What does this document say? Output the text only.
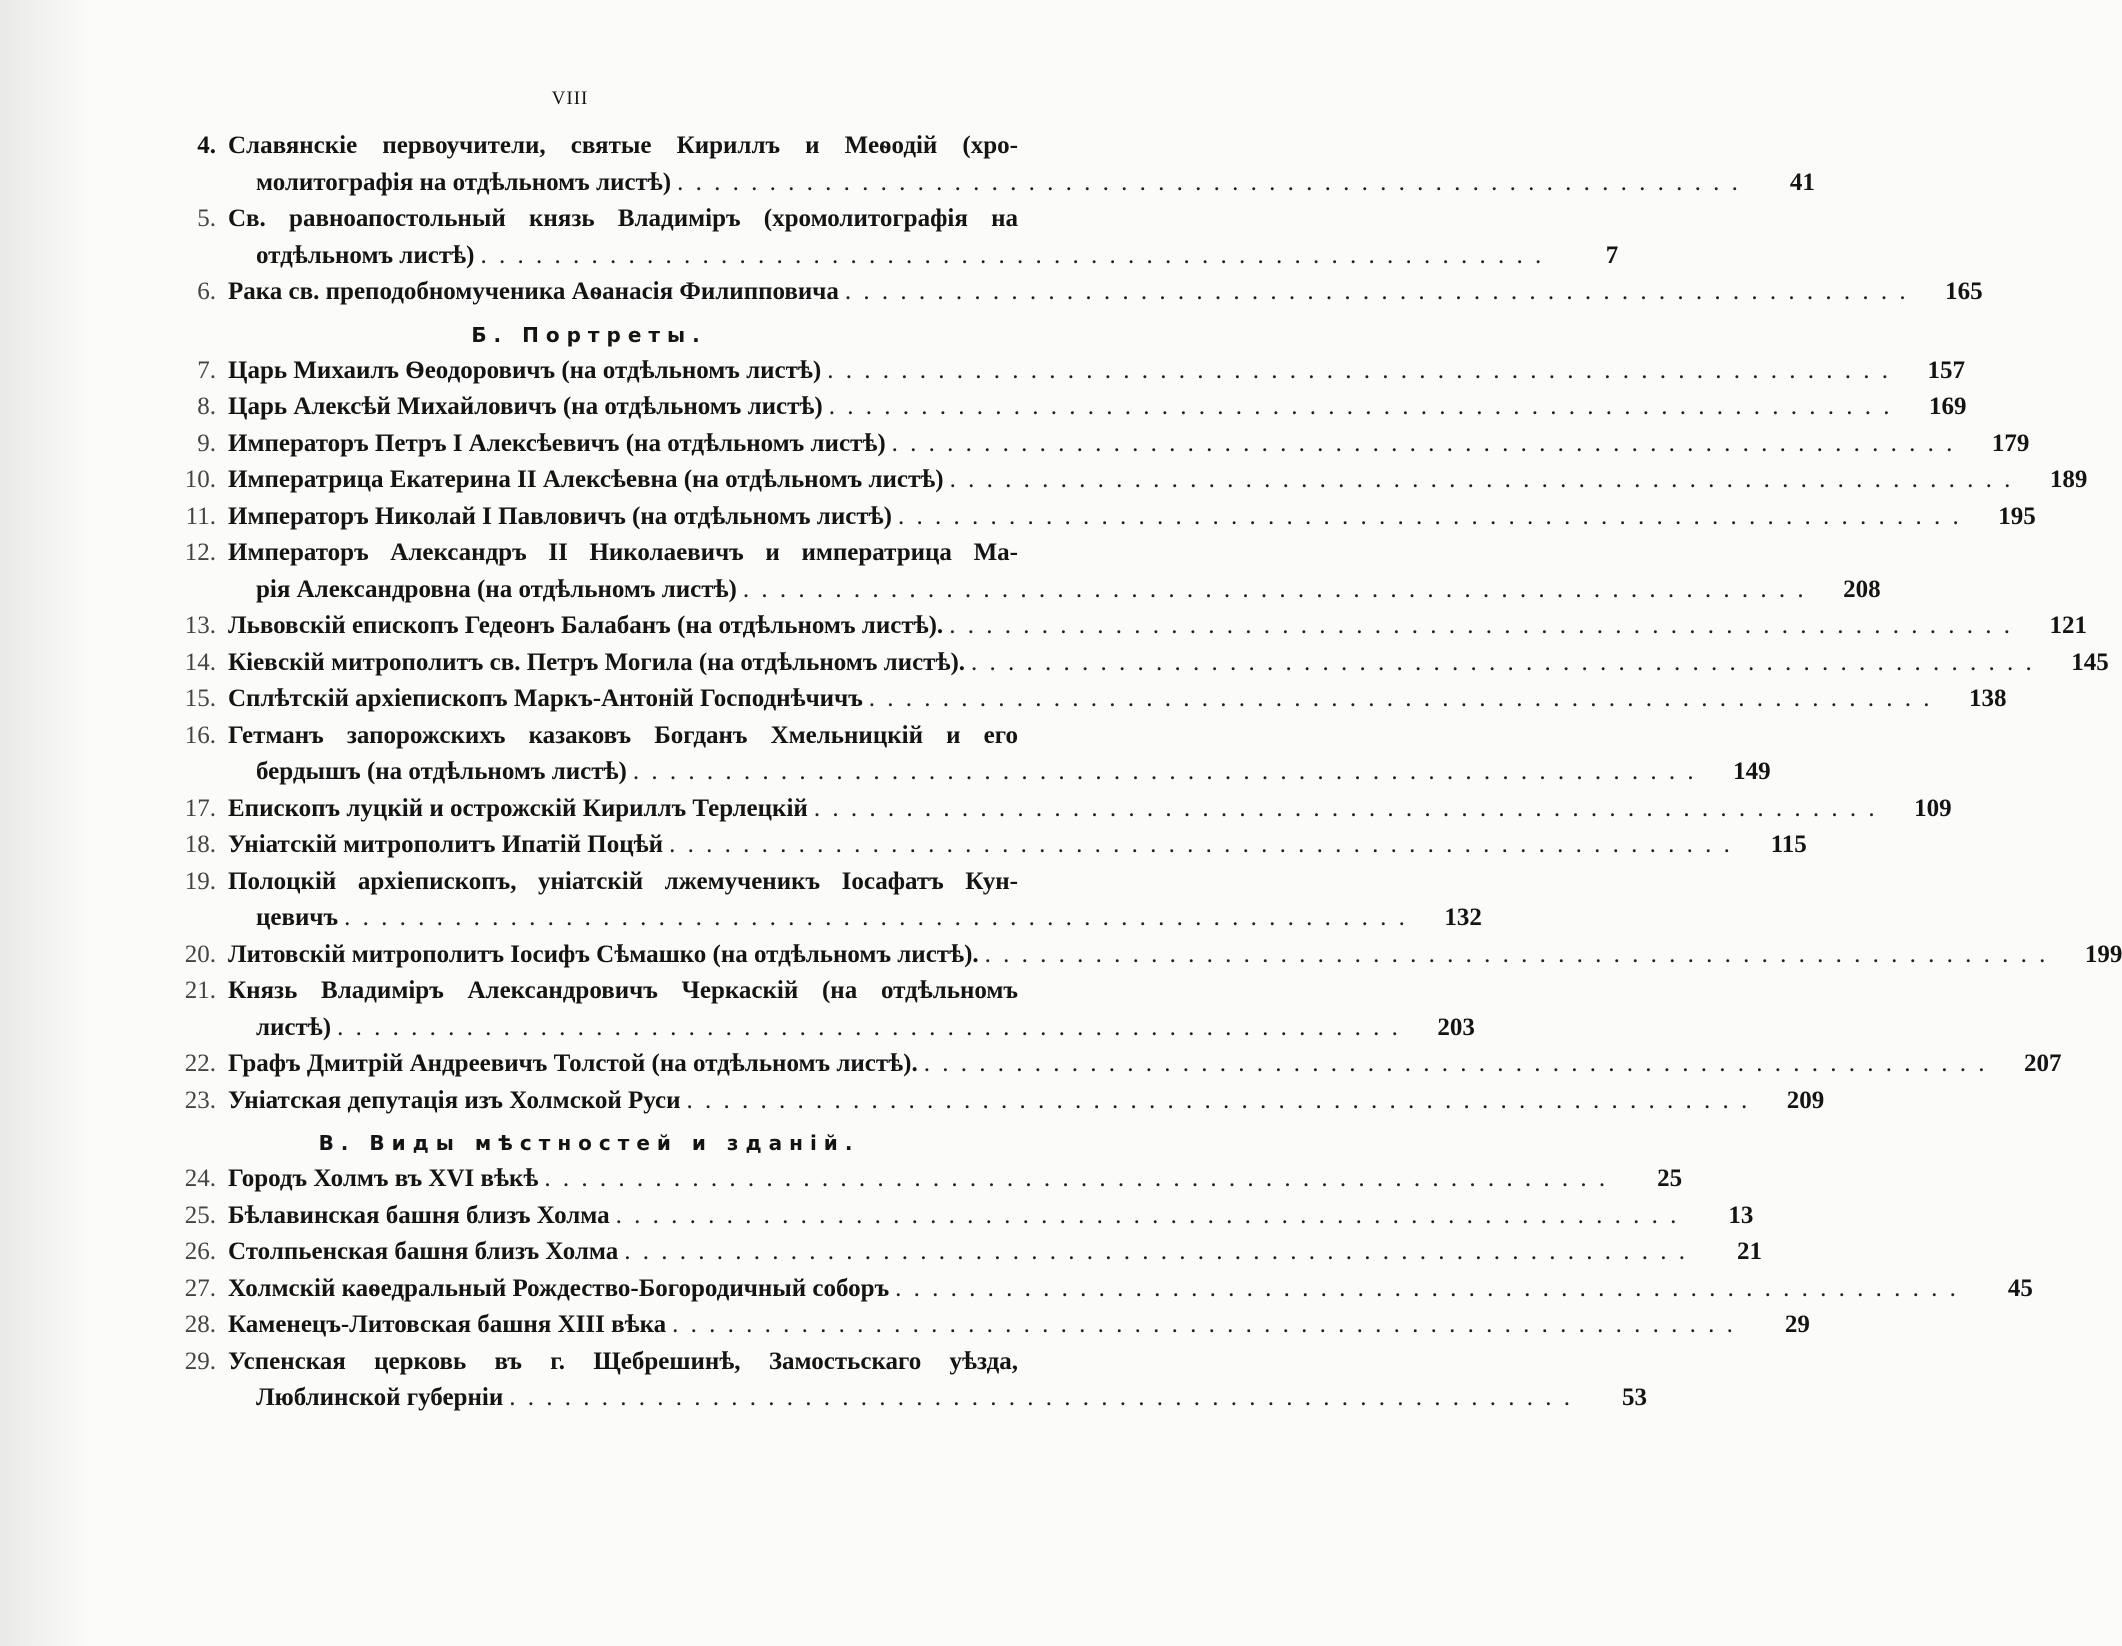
VIII
4. Славянскіе первоучители, святые Кириллъ и Меѳодій (хро-
молитографія на отдѣльномъ листѣ) . . . . . . . . . . . . . . . . . . . . . . . . . . . . . . . . . . . . . . . . . . . . . . . . . . . . . . . . . .	41
5. Св. равноапостольный князь Владиміръ (хромолитографія на
отдѣльномъ листѣ) . . . . . . . . . . . . . . . . . . . . . . . . . . . . . . . . . . . . . . . . . . . . . . . . . . . . . . . . . .	7
6. Рака св. преподобномученика Аѳанасія Филипповича . . . . . . . . . . . . . . . . . . . . . . . . . . . . . . . . . . . . . . . . . . . . . . . . . . . . . . . . . .	165
Б. Портреты.
7. Царь Михаилъ Ѳеодоровичъ (на отдѣльномъ листѣ) . . . . . . . . . . . . . . . . . . . . . . . . . . . . . . . . . . . . . . . . . . . . . . . . . . . . . . . . . .	157
8. Царь Алексѣй Михайловичъ (на отдѣльномъ листѣ) . . . . . . . . . . . . . . . . . . . . . . . . . . . . . . . . . . . . . . . . . . . . . . . . . . . . . . . . . .	169
9. Императоръ Петръ I Алексѣевичъ (на отдѣльномъ листѣ) . . . . . . . . . . . . . . . . . . . . . . . . . . . . . . . . . . . . . . . . . . . . . . . . . . . . . . . . . .	179
10. Императрица Екатерина II Алексѣевна (на отдѣльномъ листѣ) . . . . . . . . . . . . . . . . . . . . . . . . . . . . . . . . . . . . . . . . . . . . . . . . . . . . . . . . . .	189
11. Императоръ Николай I Павловичъ (на отдѣльномъ листѣ) . . . . . . . . . . . . . . . . . . . . . . . . . . . . . . . . . . . . . . . . . . . . . . . . . . . . . . . . . .	195
12. Императоръ Александръ II Николаевичъ и императрица Ма-
рія Александровна (на отдѣльномъ листѣ) . . . . . . . . . . . . . . . . . . . . . . . . . . . . . . . . . . . . . . . . . . . . . . . . . . . . . . . . . .	208
13. Львовскій епископъ Гедеонъ Балабанъ (на отдѣльномъ листѣ). . . . . . . . . . . . . . . . . . . . . . . . . . . . . . . . . . . . . . . . . . . . . . . . . . . . . . . . . . .	121
14. Кіевскій митрополитъ св. Петръ Могила (на отдѣльномъ листѣ). . . . . . . . . . . . . . . . . . . . . . . . . . . . . . . . . . . . . . . . . . . . . . . . . . . . . . . . . . .	145
15. Сплѣтскій архіепископъ Маркъ-Антоній Господнѣчичъ . . . . . . . . . . . . . . . . . . . . . . . . . . . . . . . . . . . . . . . . . . . . . . . . . . . . . . . . . .	138
16. Гетманъ запорожскихъ казаковъ Богданъ Хмельницкій и его
бердышъ (на отдѣльномъ листѣ) . . . . . . . . . . . . . . . . . . . . . . . . . . . . . . . . . . . . . . . . . . . . . . . . . . . . . . . . . .	149
17. Епископъ луцкій и острожскій Кириллъ Терлецкій . . . . . . . . . . . . . . . . . . . . . . . . . . . . . . . . . . . . . . . . . . . . . . . . . . . . . . . . . .	109
18. Уніатскій митрополитъ Ипатій Поцѣй . . . . . . . . . . . . . . . . . . . . . . . . . . . . . . . . . . . . . . . . . . . . . . . . . . . . . . . . . .	115
19. Полоцкій архіепископъ, уніатскій лжемученикъ Іосафатъ Кун-
цевичъ . . . . . . . . . . . . . . . . . . . . . . . . . . . . . . . . . . . . . . . . . . . . . . . . . . . . . . . . . .	132
20. Литовскій митрополитъ Іосифъ Сѣмашко (на отдѣльномъ листѣ). . . . . . . . . . . . . . . . . . . . . . . . . . . . . . . . . . . . . . . . . . . . . . . . . . . . . . . . . . .	199
21. Князь Владиміръ Александровичъ Черкаскій (на отдѣльномъ
листѣ) . . . . . . . . . . . . . . . . . . . . . . . . . . . . . . . . . . . . . . . . . . . . . . . . . . . . . . . . . .	203
22. Графъ Дмитрій Андреевичъ Толстой (на отдѣльномъ листѣ). . . . . . . . . . . . . . . . . . . . . . . . . . . . . . . . . . . . . . . . . . . . . . . . . . . . . . . . . . .	207
23. Уніатская депутація изъ Холмской Руси . . . . . . . . . . . . . . . . . . . . . . . . . . . . . . . . . . . . . . . . . . . . . . . . . . . . . . . . . .	209
В. Виды мѣстностей и зданій.
24. Городъ Холмъ въ XVI вѣкѣ . . . . . . . . . . . . . . . . . . . . . . . . . . . . . . . . . . . . . . . . . . . . . . . . . . . . . . . . . .	25
25. Бѣлавинская башня близъ Холма . . . . . . . . . . . . . . . . . . . . . . . . . . . . . . . . . . . . . . . . . . . . . . . . . . . . . . . . . .	13
26. Столпьенская башня близъ Холма . . . . . . . . . . . . . . . . . . . . . . . . . . . . . . . . . . . . . . . . . . . . . . . . . . . . . . . . . .	21
27. Холмскій каѳедральный Рождество-Богородичный соборъ . . . . . . . . . . . . . . . . . . . . . . . . . . . . . . . . . . . . . . . . . . . . . . . . . . . . . . . . . .	45
28. Каменецъ-Литовская башня XIII вѣка . . . . . . . . . . . . . . . . . . . . . . . . . . . . . . . . . . . . . . . . . . . . . . . . . . . . . . . . . .	29
29. Успенская церковь въ г. Щебрешинѣ, Замостьскаго уѣзда,
Люблинской губерніи . . . . . . . . . . . . . . . . . . . . . . . . . . . . . . . . . . . . . . . . . . . . . . . . . . . . . . . . . .	53
